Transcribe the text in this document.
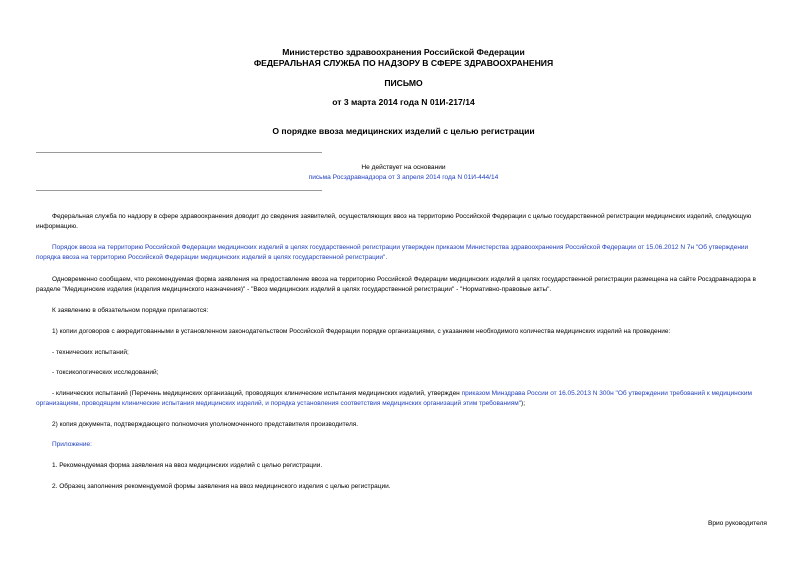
Министерство здравоохранения Российской Федерации
ФЕДЕРАЛЬНАЯ СЛУЖБА ПО НАДЗОРУ В СФЕРЕ ЗДРАВООХРАНЕНИЯ
ПИСЬМО
от 3 марта 2014 года N 01И-217/14
О порядке ввоза медицинских изделий с целью регистрации
Не действует на основании
письма Росздравнадзора от 3 апреля 2014 года N 01И-444/14

Федеральная служба по надзору в сфере здравоохранения доводит до сведения заявителей, осуществляющих ввоз на территорию Российской Федерации с целью государственной регистрации медицинских изделий, следующую информацию.

Порядок ввоза на территорию Российской Федерации медицинских изделий в целях государственной регистрации утвержден приказом Министерства здравоохранения Российской Федерации от 15.06.2012 N 7н "Об утверждении порядка ввоза на территорию Российской Федерации медицинских изделий в целях государственной регистрации".

Одновременно сообщаем, что рекомендуемая форма заявления на предоставление ввоза на территорию Российской Федерации медицинских изделий в целях государственной регистрации размещена на сайте Росздравнадзора в разделе "Медицинские изделия (изделия медицинского назначения)" - "Ввоз медицинских изделий в целях государственной регистрации" - "Нормативно-правовые акты".

К заявлению в обязательном порядке прилагаются:

1) копии договоров с аккредитованными в установленном законодательством Российской Федерации порядке организациями, с указанием необходимого количества медицинских изделий на проведение:

- технических испытаний;

- токсикологических исследований;

- клинических испытаний (Перечень медицинских организаций, проводящих клинические испытания медицинских изделий, утвержден приказом Минздрава России от 16.05.2013 N 300н "Об утверждении требований к медицинским организациям, проводящим клинические испытания медицинских изделий, и порядка установления соответствия медицинских организаций этим требованиям");

2) копия документа, подтверждающего полномочия уполномоченного представителя производителя.

Приложение:

1. Рекомендуемая форма заявления на ввоз медицинских изделий с целью регистрации.

2. Образец заполнения рекомендуемой формы заявления на ввоз медицинского изделия с целью регистрации.

Врио руководителя
